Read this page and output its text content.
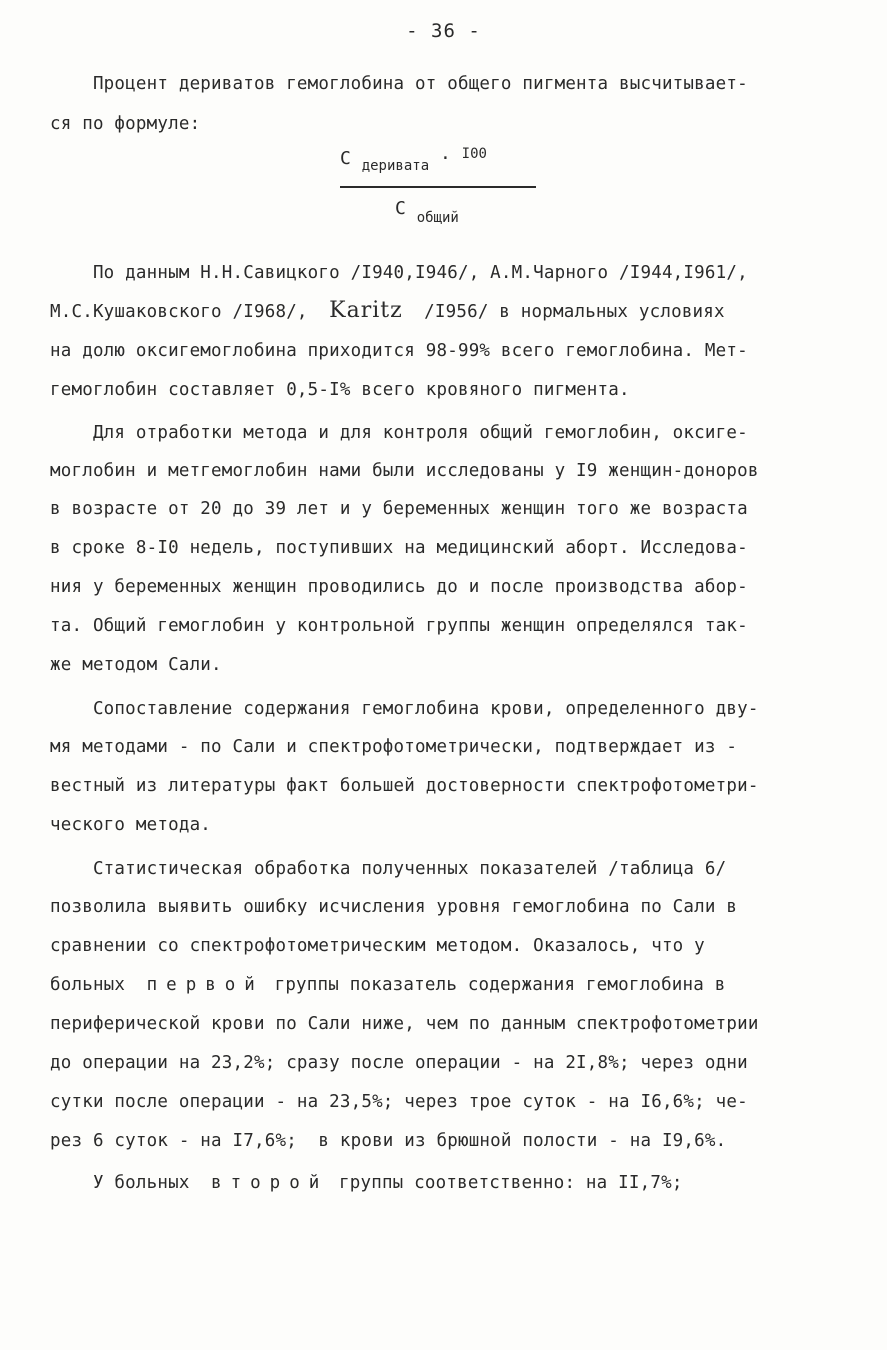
- 36 -
Процент дериватов гемоглобина от общего пигмента высчитывает-
ся по формуле:
С $_{деривата}$ · $^{I00}$
С $_{общий}$
По данным Н.Н.Савицкого /I940,I946/, А.М.Чарного /I944,I961/,
М.С.Кушаковского /I968/,  Karitz  /I956/ в нормальных условиях
на долю оксигемоглобина приходится 98-99% всего гемоглобина. Мет-
гемоглобин составляет 0,5-I% всего кровяного пигмента.
Для отработки метода и для контроля общий гемоглобин, оксиге-
моглобин и метгемоглобин нами были исследованы у I9 женщин-доноров
в возрасте от 20 до 39 лет и у беременных женщин того же возраста
в сроке 8-I0 недель, поступивших на медицинский аборт. Исследова-
ния у беременных женщин проводились до и после производства абор-
та. Общий гемоглобин у контрольной группы женщин определялся так-
же методом Сали.
Сопоставление содержания гемоглобина крови, определенного дву-
мя методами - по Сали и спектрофотометрически, подтверждает из -
вестный из литературы факт большей достоверности спектрофотометри-
ческого метода.
Статистическая обработка полученных показателей /таблица 6/
позволила выявить ошибку исчисления уровня гемоглобина по Сали в
сравнении со спектрофотометрическим методом. Оказалось, что у
больных  первой группы показатель содержания гемоглобина в
периферической крови по Сали ниже, чем по данным спектрофотометрии
до операции на 23,2%; сразу после операции - на 2I,8%; через одни
сутки после операции - на 23,5%; через трое суток - на I6,6%; че-
рез 6 суток - на I7,6%;  в крови из брюшной полости - на I9,6%.
У больных  второй группы соответственно: на II,7%;
